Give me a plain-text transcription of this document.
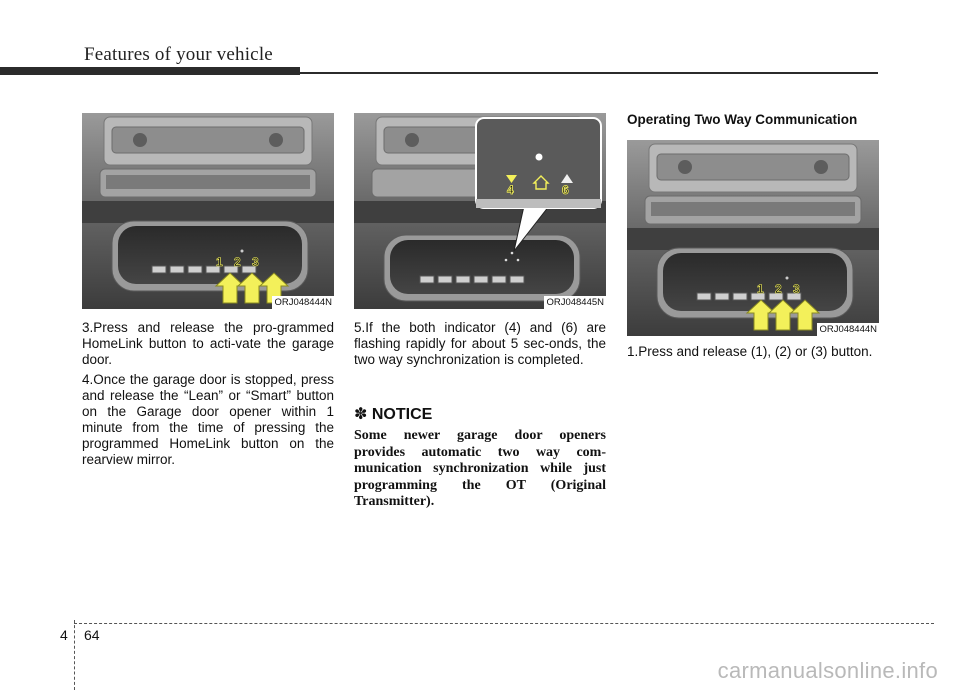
Features of your vehicle
1 2 3
ORJ048444N
4	6
ORJ048445N
1 2 3
ORJ048444N
3.Press and release the pro-grammed HomeLink button to acti-vate the garage door.
4.Once the garage door is stopped, press and release the “Lean” or “Smart” button on the Garage door opener within 1 minute from the time of pressing the programmed HomeLink button on the rearview mirror.
5.If the both indicator (4) and (6) are flashing rapidly for about 5 sec-onds, the two way synchronization is completed.
✽ NOTICE
Some newer garage door openers provides automatic two way com-munication synchronization while just programming the OT (Original Transmitter).
Operating Two Way Communication
1.Press and release (1), (2) or (3) button.
4 64
carmanualsonline.info
